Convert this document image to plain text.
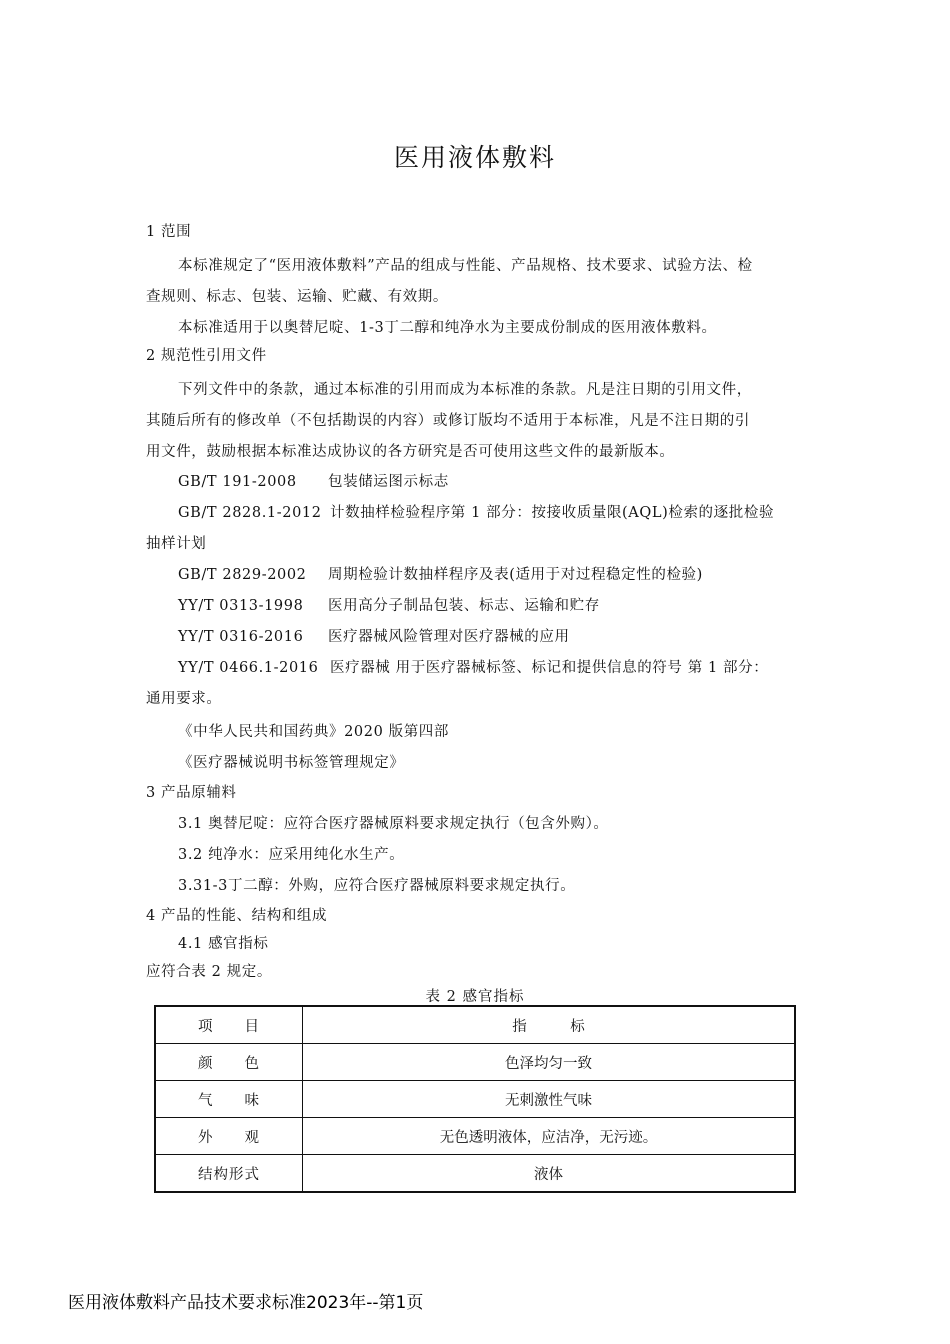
医用液体敷料
1 范围
本标准规定了“医用液体敷料”产品的组成与性能、产品规格、技术要求、试验方法、检
查规则、标志、包装、运输、贮藏、有效期。
本标准适用于以奥替尼啶、1-3丁二醇和纯净水为主要成份制成的医用液体敷料。
2 规范性引用文件
下列文件中的条款，通过本标准的引用而成为本标准的条款。凡是注日期的引用文件，
其随后所有的修改单（不包括勘误的内容）或修订版均不适用于本标准，凡是不注日期的引
用文件，鼓励根据本标准达成协议的各方研究是否可使用这些文件的最新版本。
抽样计划
通用要求。
《中华人民共和国药典》2020 版第四部
《医疗器械说明书标签管理规定》
3 产品原辅料
3.1 奥替尼啶：应符合医疗器械原料要求规定执行（包含外购）。
3.2 纯净水：应采用纯化水生产。
3.31-3丁二醇：外购，应符合医疗器械原料要求规定执行。
4 产品的性能、结构和组成
4.1 感官指标
应符合表 2 规定。
GB/T 191-2008 包装储运图示标志
GB/T 2828.1-2012 计数抽样检验程序第 1 部分：按接收质量限(AQL)检索的逐批检验
GB/T 2829-2002 周期检验计数抽样程序及表(适用于对过程稳定性的检验)
YY/T 0313-1998 医用高分子制品包装、标志、运输和贮存
YY/T 0316-2016 医疗器械风险管理对医疗器械的应用
YY/T 0466.1-2016 医疗器械 用于医疗器械标签、标记和提供信息的符号 第 1 部分：
表 2 感官指标
项　　目	指　　　标
颜　　色	色泽均匀一致
气　　味	无刺激性气味
外　　观	无色透明液体，应洁净，无污迹。
结构形式	液体
医用液体敷料产品技术要求标准2023年--第1页
